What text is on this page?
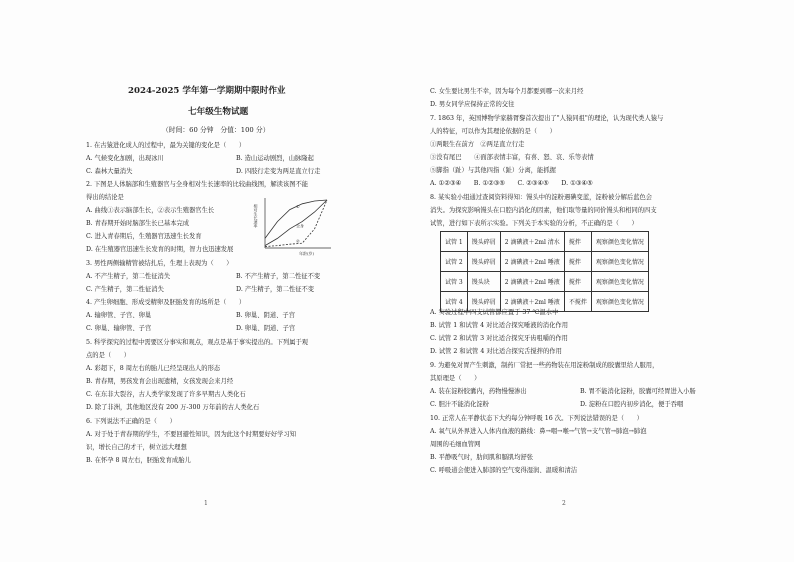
2024-2025 学年第一学期期中限时作业
七年级生物试题
（时间：60 分钟　分值：100 分）
1. 在古猿进化成人的过程中，最为关键的变化是（　　）
A. 气候变化加剧，出现冰川	B. 造山运动剧烈，山脉隆起
C. 森林大量消失	D. 四肢行走变为两足直立行走
2. 下图是人体脑部和生殖器官与全身相对生长速率的比较曲线图，解读该图不能
得出的结论是
A. 曲线①表示脑部生长，②表示生殖器官生长
B. 青春期开始时脑部生长已基本完成
C. 进入青春期后，生殖器官迅速生长发育
D. 在生殖器官迅速生长发育的时期，智力也迅速发展
3. 男性两侧输精管被结扎后，生理上表现为（　　）
A. 不产生精子，第二性征消失	B. 不产生精子，第二性征不变
C. 产生精子，第二性征消失	D. 产生精子，第二性征不变
4. 产生卵细胞、形成受精卵及胚胎发育的场所是（　　）
A. 输卵管、子宫、卵巢	B. 卵巢、阴道、子宫
C. 卵巢、输卵管、子宫	D. 卵巢、阴道、子宫
5. 科学探究的过程中需要区分事实和观点，观点是基于事实提出的。下列属于观
点的是（　　）
A. 彩超下，8 周左右的胎儿已经呈现出人的形态
B. 青春期，男孩发育会出现遗精，女孩发现会来月经
C. 在东非大裂谷，古人类学家发现了许多早期古人类化石
D. 除了非洲，其他地区没有 200 万-300 万年前的古人类化石
6. 下列说法不正确的是（　　）
A. 对于处于青春期的学生，不要回避性知识，因为此这个时期要好好学习知
识，增长自己的才干，树立远大理想
B. 在怀孕 8 周左右，胚胎发育成胎儿
1
①
全身
②
年龄(岁)
相对生长速率
C. 女生要比男生不幸，因为每个月都要到哪一次来月经
D. 男女同学应保持正常的交往
7. 1863 年，英国博物学家赫胥黎首次提出了"人猿同祖"的理论，认为现代类人猿与
人的特征，可以作为其理论依据的是（　　）
①两眼生在前方　②两足直立行走
③没有尾巴　　④面部表情丰富，有喜、怒、哀、乐等表情
⑤脚指（趾）与其他四指（趾）分离，能抓握
A. ①②③④　　B. ①②③⑤　　C. ②③④⑤　　D. ①③④⑤
8. 某实验小组通过查阅资料得知：馒头中的淀粉遇碘变蓝，淀粉被分解后蓝色会
消失。为探究影响馒头在口腔内消化的因素，他们取等量的同价馒头和相同的四支
试管，进行如下表所示实验。下列关于本实验的分析，不正确的是（　　）
A. 实验过程中四支试管都应置于 37 ℃温水中
B. 试管 1 和试管 4 对比适合探究唾液的消化作用
C. 试管 2 和试管 3 对比适合探究牙齿咀嚼的作用
D. 试管 2 和试管 4 对比适合探究舌搅拌的作用
9. 为避免对胃产生刺激，制药厂常把一些药物装在用淀粉制成的胶囊里给人服用，
其原理是（　　）
A. 装在淀粉胶囊内，药物慢慢渗出	B. 胃不能消化淀粉，胶囊可经胃进入小肠
C. 胆汁不能消化淀粉	D. 淀粉在口腔内初步消化，便于吞咽
10. 正常人在平静状态下大约每分钟呼吸 16 次。下列说法错误的是（　　）
A. 氧气从外界进入人体内血液的路线：鼻→咽→喉→气管→支气管→肺泡→肺泡
周围的毛细血管网
B. 平静吸气时，肋间肌和膈肌均舒张
C. 呼吸道会使进入肺部的空气变得湿润、温暖和清洁
2
试管 1	馒头碎屑	2 滴碘液＋2ml 清水	搅拌	观察颜色变化情况
试管 2	馒头碎屑	2 滴碘液＋2ml 唾液	搅拌	观察颜色变化情况
试管 3	馒头块	2 滴碘液＋2ml 唾液	搅拌	观察颜色变化情况
试管 4	馒头碎屑	2 滴碘液＋2ml 唾液	不搅拌	观察颜色变化情况
